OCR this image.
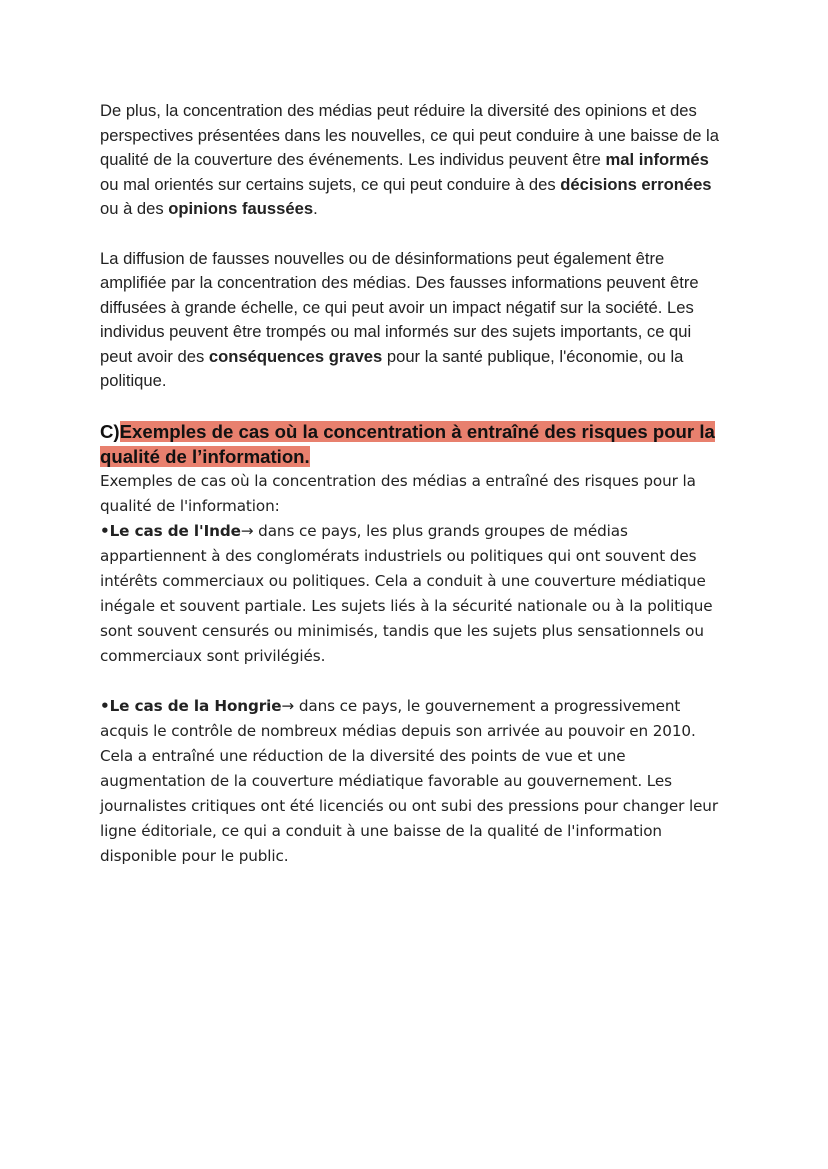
De plus, la concentration des médias peut réduire la diversité des opinions et des perspectives présentées dans les nouvelles, ce qui peut conduire à une baisse de la qualité de la couverture des événements. Les individus peuvent être mal informés ou mal orientés sur certains sujets, ce qui peut conduire à des décisions erronées ou à des opinions faussées.

La diffusion de fausses nouvelles ou de désinformations peut également être amplifiée par la concentration des médias. Des fausses informations peuvent être diffusées à grande échelle, ce qui peut avoir un impact négatif sur la société. Les individus peuvent être trompés ou mal informés sur des sujets importants, ce qui peut avoir des conséquences graves pour la santé publique, l'économie, ou la politique.

C)Exemples de cas où la concentration à entraîné des risques pour la qualité de l’information.

Exemples de cas où la concentration des médias a entraîné des risques pour la qualité de l'information:

•Le cas de l'Inde→ dans ce pays, les plus grands groupes de médias appartiennent à des conglomérats industriels ou politiques qui ont souvent des intérêts commerciaux ou politiques. Cela a conduit à une couverture médiatique inégale et souvent partiale. Les sujets liés à la sécurité nationale ou à la politique sont souvent censurés ou minimisés, tandis que les sujets plus sensationnels ou commerciaux sont privilégiés.

•Le cas de la Hongrie→ dans ce pays, le gouvernement a progressivement acquis le contrôle de nombreux médias depuis son arrivée au pouvoir en 2010. Cela a entraîné une réduction de la diversité des points de vue et une augmentation de la couverture médiatique favorable au gouvernement. Les journalistes critiques ont été licenciés ou ont subi des pressions pour changer leur ligne éditoriale, ce qui a conduit à une baisse de la qualité de l'information disponible pour le public.
